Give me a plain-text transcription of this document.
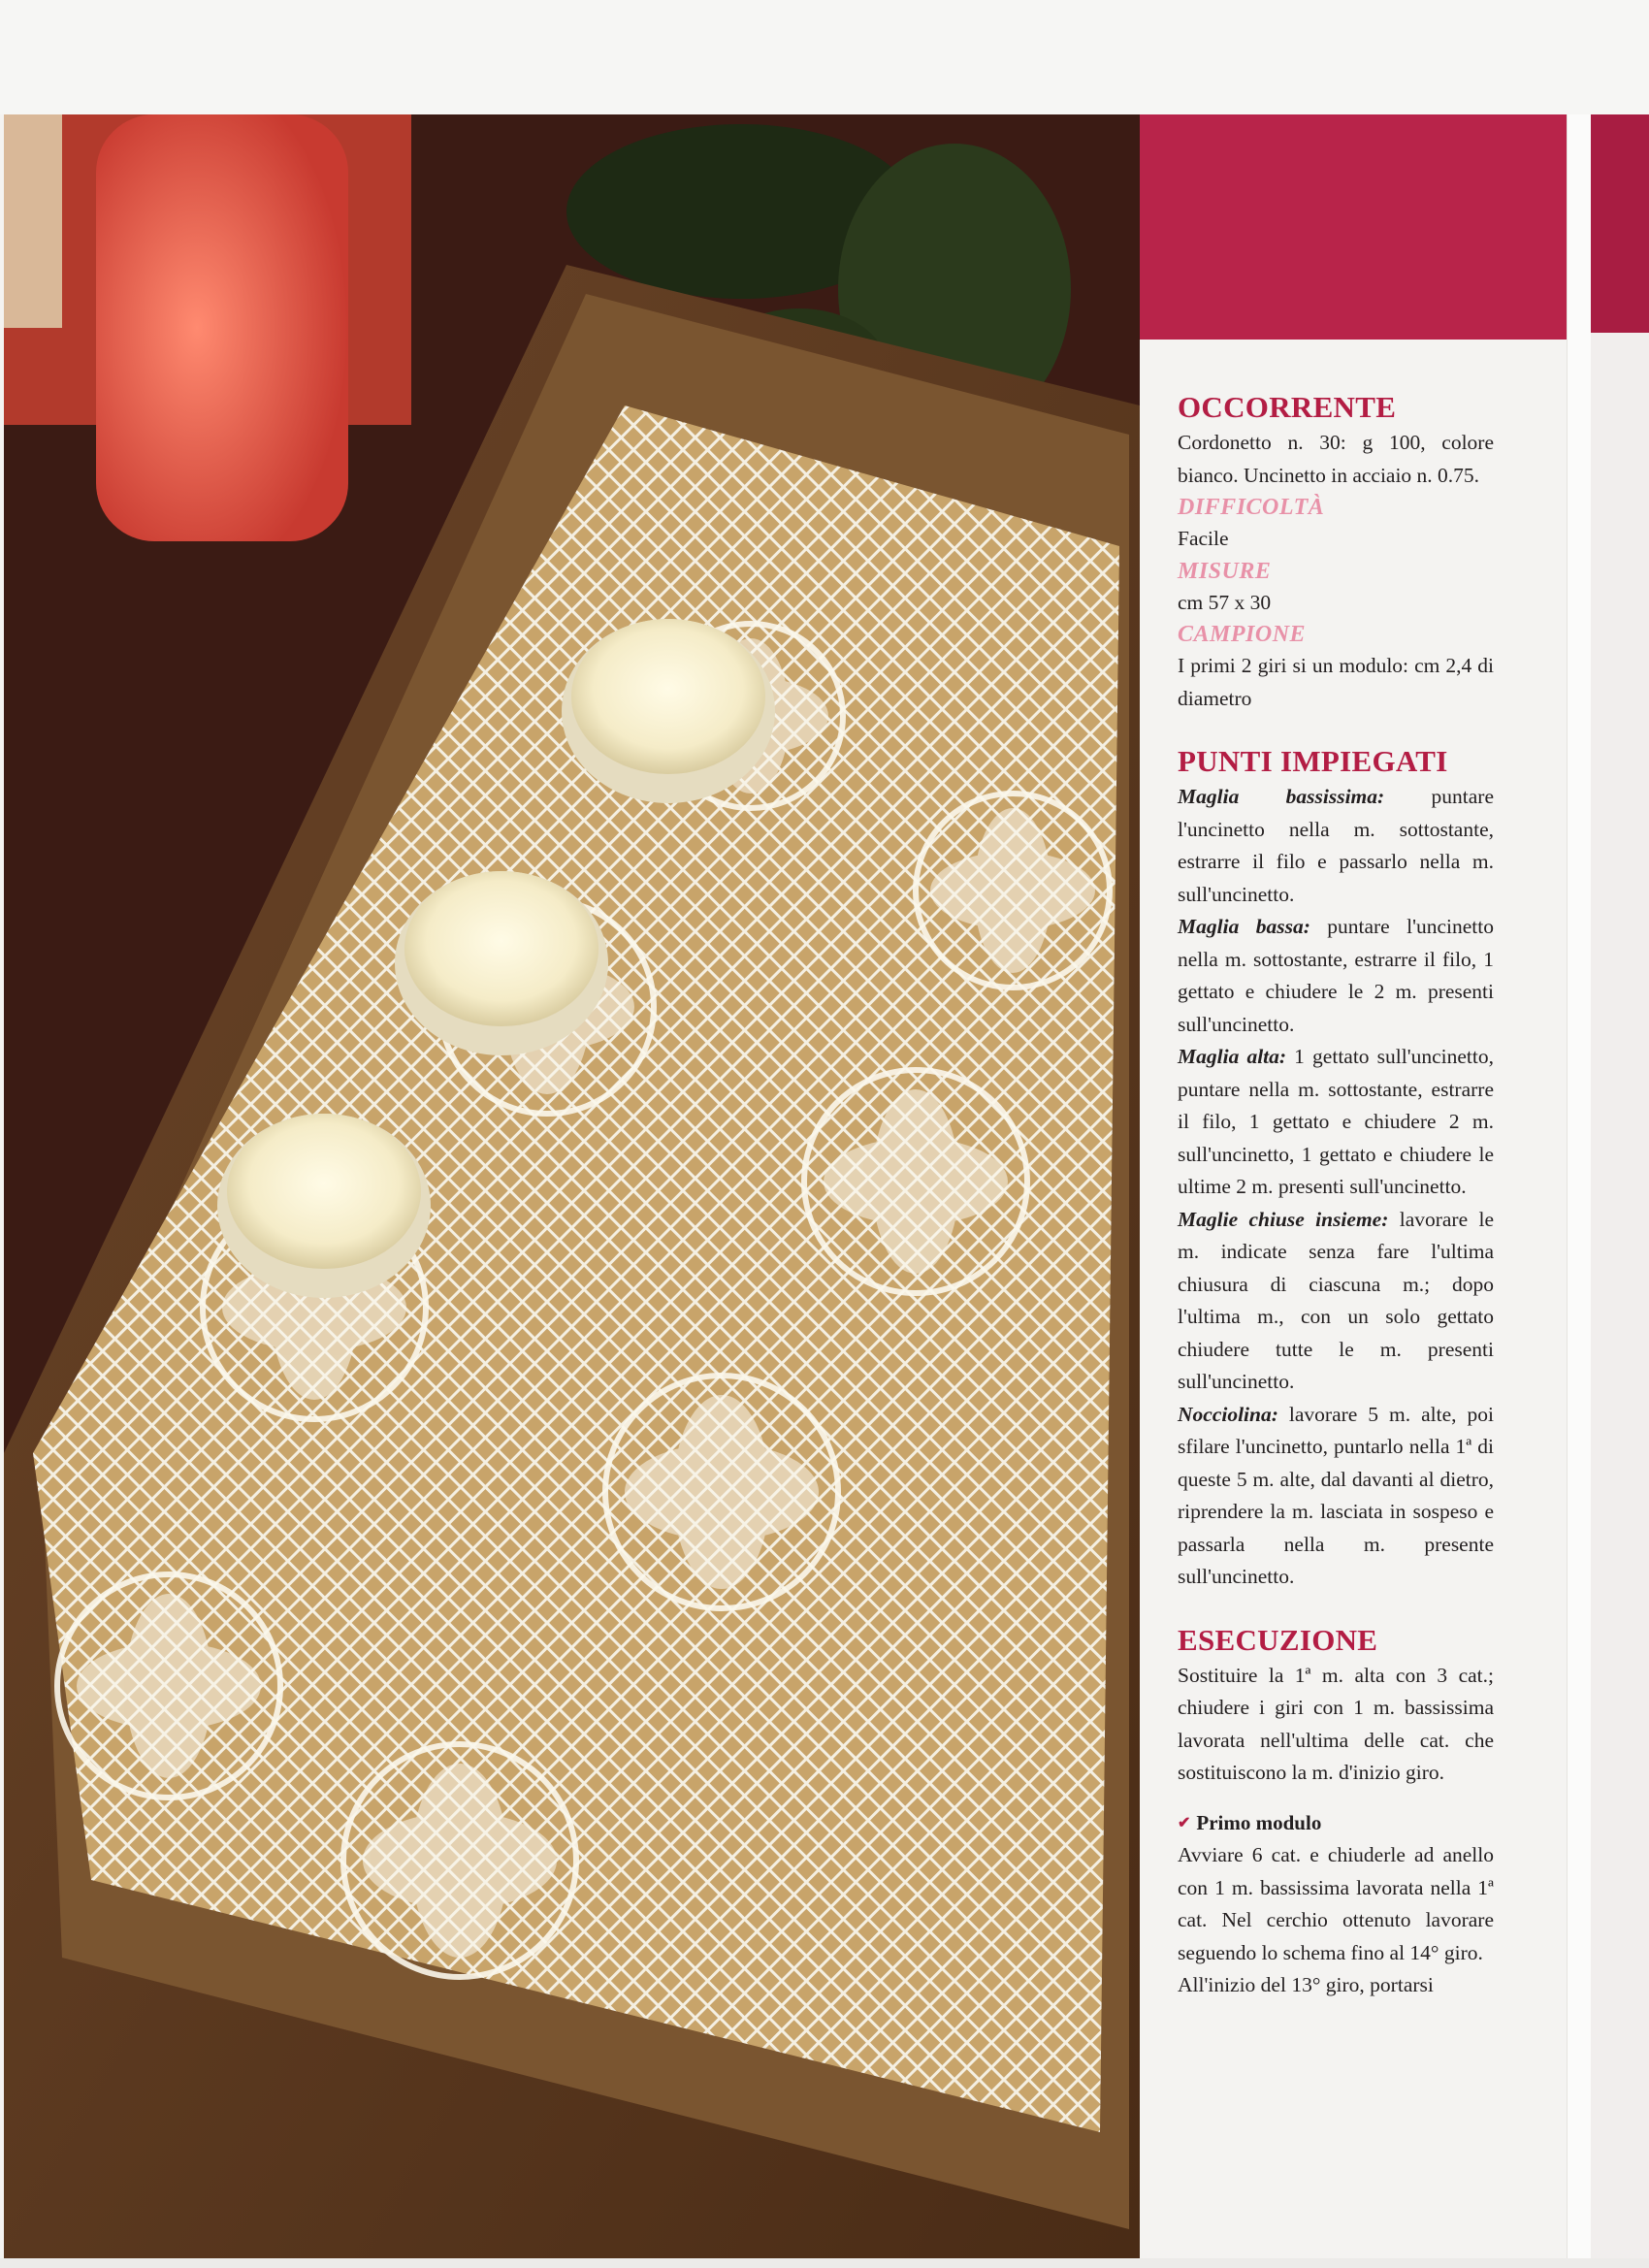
OCCORRENTE

Cordonetto n. 30: g 100, colore bianco. Uncinetto in acciaio n. 0.75.

DIFFICOLTÀ

Facile

MISURE

cm 57 x 30

CAMPIONE

I primi 2 giri si un modulo: cm 2,4 di diametro

PUNTI IMPIEGATI

Maglia bassissima: puntare l'uncinetto nella m. sottostante, estrarre il filo e passarlo nella m. sull'uncinetto.

Maglia bassa: puntare l'uncinetto nella m. sottostante, estrarre il filo, 1 gettato e chiudere le 2 m. presenti sull'uncinetto.

Maglia alta: 1 gettato sull'uncinetto, puntare nella m. sottostante, estrarre il filo, 1 gettato e chiudere 2 m. sull'uncinetto, 1 gettato e chiudere le ultime 2 m. presenti sull'uncinetto.

Maglie chiuse insieme: lavorare le m. indicate senza fare l'ultima chiusura di ciascuna m.; dopo l'ultima m., con un solo gettato chiudere tutte le m. presenti sull'uncinetto.

Nocciolina: lavorare 5 m. alte, poi sfilare l'uncinetto, puntarlo nella 1ª di queste 5 m. alte, dal davanti al dietro, riprendere la m. lasciata in sospeso e passarla nella m. presente sull'uncinetto.

ESECUZIONE

Sostituire la 1ª m. alta con 3 cat.; chiudere i giri con 1 m. bassissima lavorata nell'ultima delle cat. che sostituiscono la m. d'inizio giro.

✔ Primo modulo

Avviare 6 cat. e chiuderle ad anello con 1 m. bassissima lavorata nella 1ª cat. Nel cerchio ottenuto lavorare seguendo lo schema fino al 14° giro.

All'inizio del 13° giro, portarsi
